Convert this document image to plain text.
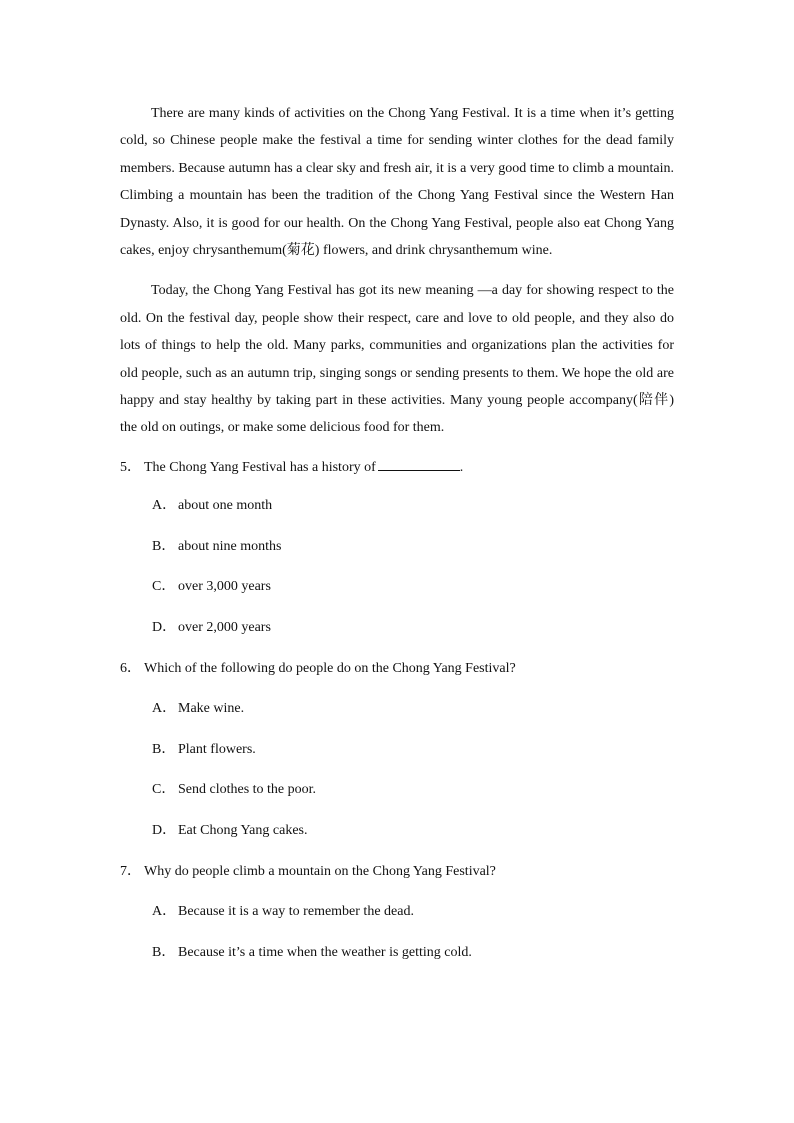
There are many kinds of activities on the Chong Yang Festival. It is a time when it’s getting cold, so Chinese people make the festival a time for sending winter clothes for the dead family members. Because autumn has a clear sky and fresh air, it is a very good time to climb a mountain. Climbing a mountain has been the tradition of the Chong Yang Festival since the Western Han Dynasty. Also, it is good for our health. On the Chong Yang Festival, people also eat Chong Yang cakes, enjoy chrysanthemum(菊花) flowers, and drink chrysanthemum wine.

Today, the Chong Yang Festival has got its new meaning —a day for showing respect to the old. On the festival day, people show their respect, care and love to old people, and they also do lots of things to help the old. Many parks, communities and organizations plan the activities for old people, such as an autumn trip, singing songs or sending presents to them. We hope the old are happy and stay healthy by taking part in these activities. Many young people accompany(陪伴) the old on outings, or make some delicious food for them.

5． The Chong Yang Festival has a history of	.
A． about one month
B． about nine months
C． over 3,000 years
D． over 2,000 years
6． Which of the following do people do on the Chong Yang Festival?
A． Make wine.
B． Plant flowers.
C． Send clothes to the poor.
D． Eat Chong Yang cakes.
7． Why do people climb a mountain on the Chong Yang Festival?
A． Because it is a way to remember the dead.
B． Because it’s a time when the weather is getting cold.
